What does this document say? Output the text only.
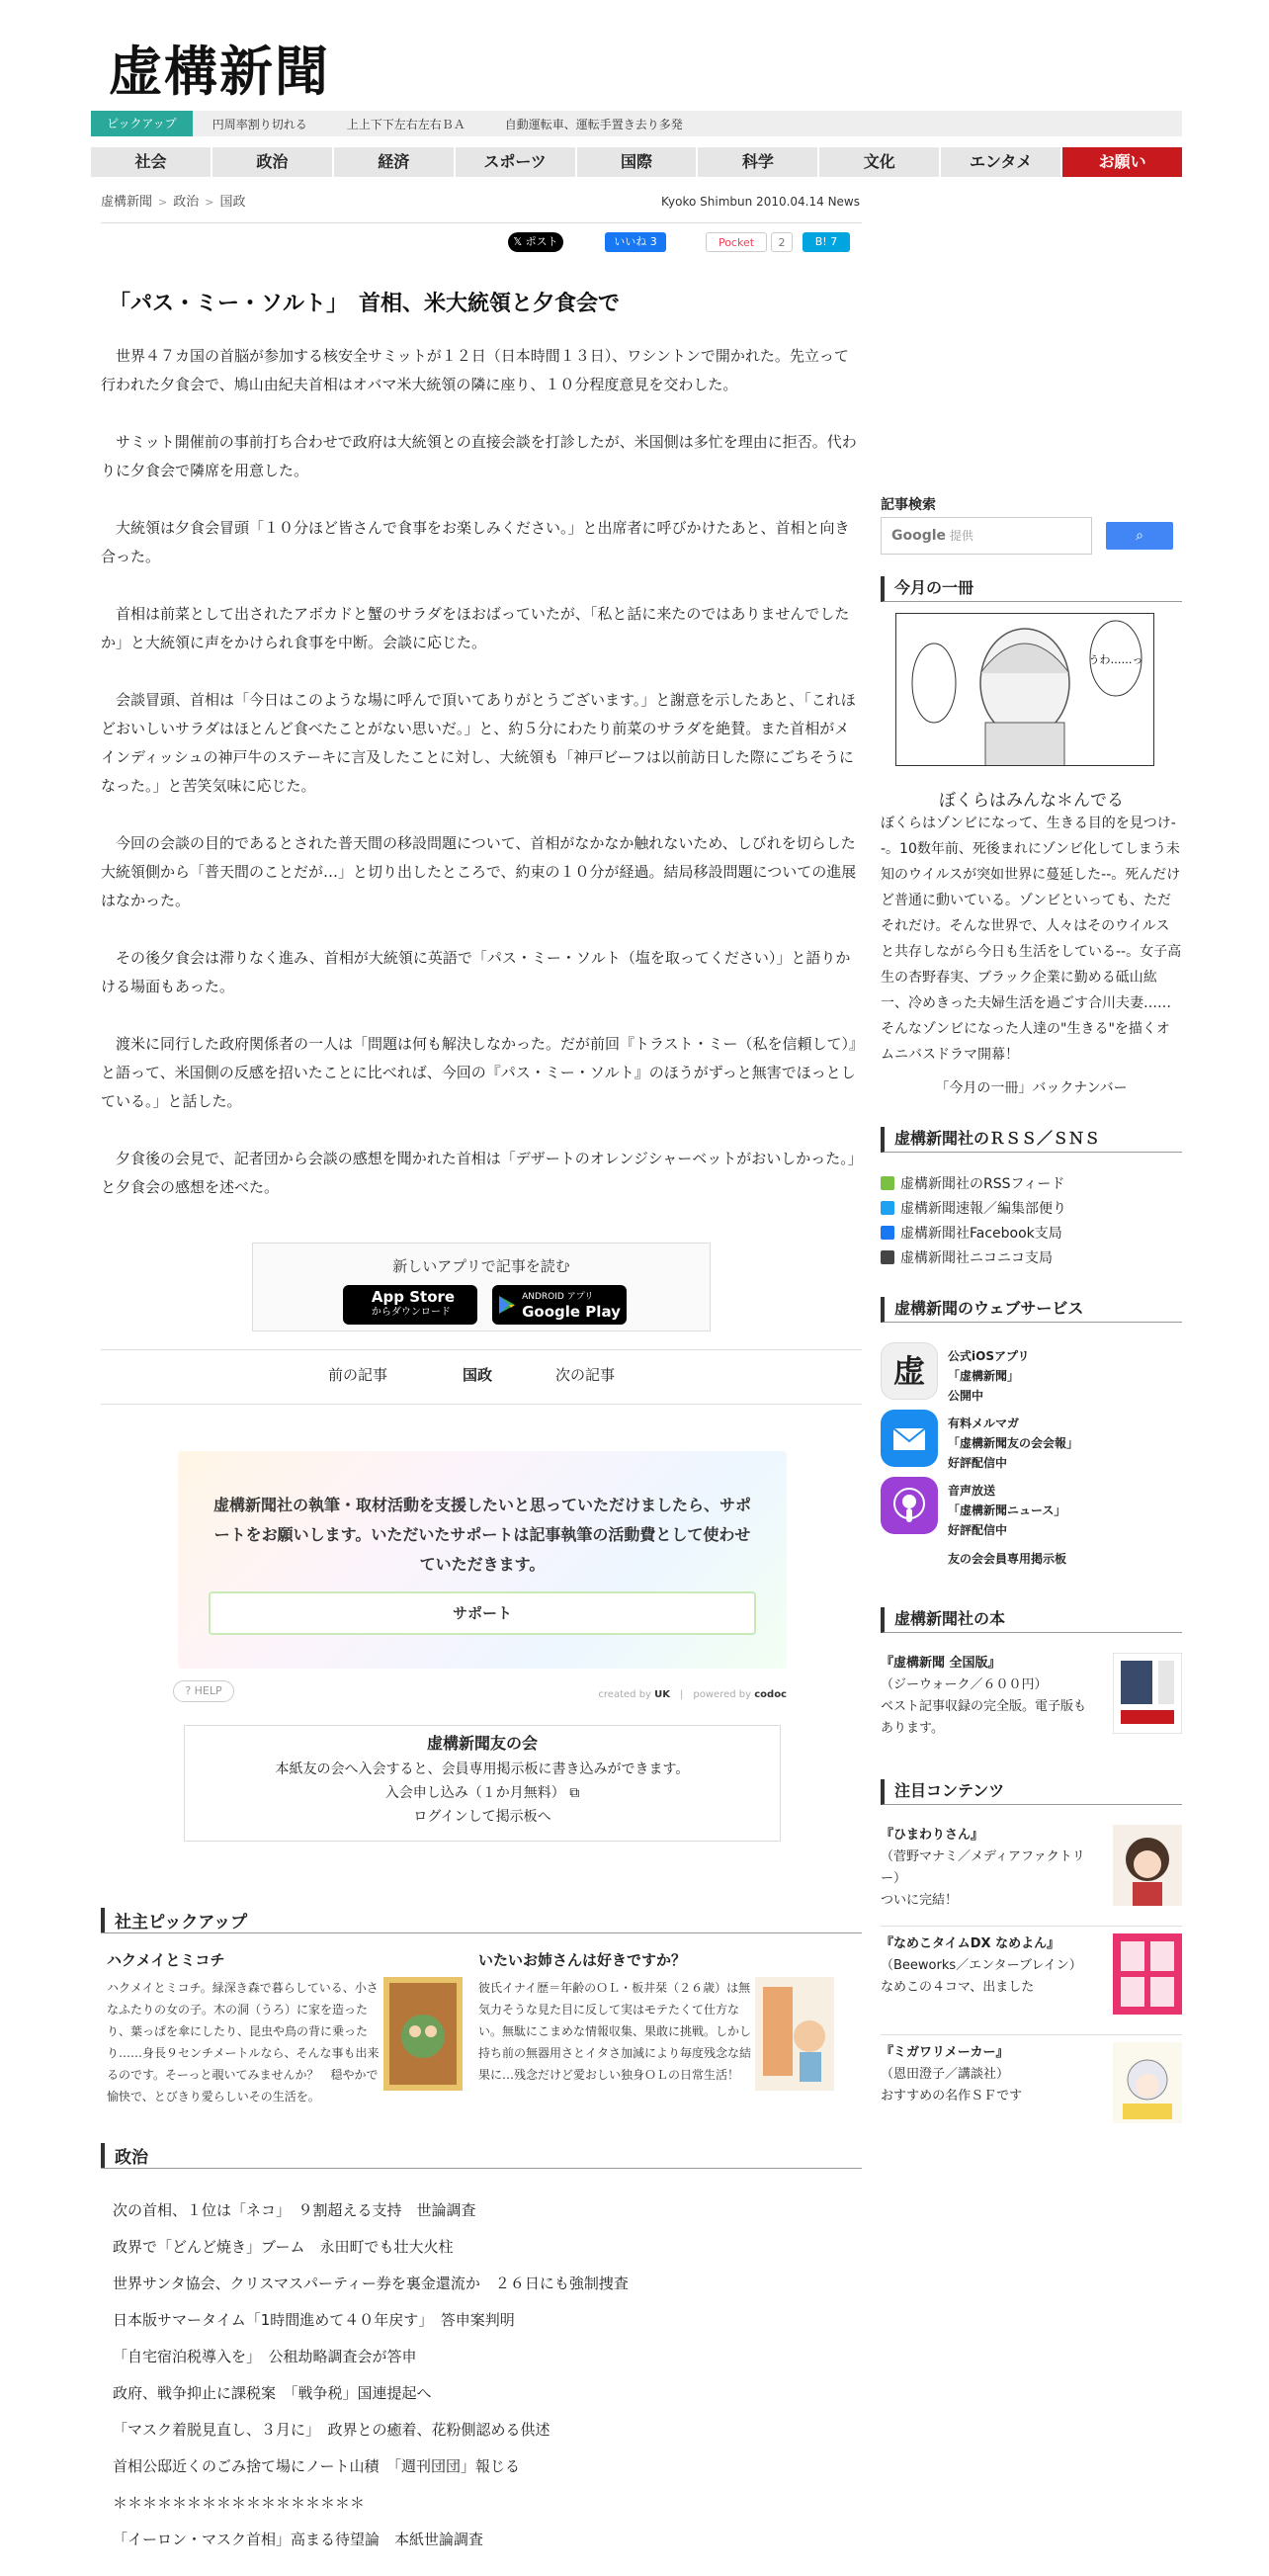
虚構新聞
ピックアップ	円周率割り切れる	上上下下左右左右ＢＡ	自動運転車、運転手置き去り多発
社会	政治	経済	スポーツ	国際	科学	文化	エンタメ	お願い
虚構新聞 > 政治 > 国政	Kyoko Shimbun 2010.04.14 News
𝕏 ポスト	いいね 3	Pocket	2	B! 7
「パス・ミー・ソルト」　首相、米大統領と夕食会で

　世界４７カ国の首脳が参加する核安全サミットが１２日（日本時間１３日）、ワシントンで開かれた。先立って行われた夕食会で、鳩山由紀夫首相はオバマ米大統領の隣に座り、１０分程度意見を交わした。

　サミット開催前の事前打ち合わせで政府は大統領との直接会談を打診したが、米国側は多忙を理由に拒否。代わりに夕食会で隣席を用意した。

　大統領は夕食会冒頭「１０分ほど皆さんで食事をお楽しみください。」と出席者に呼びかけたあと、首相と向き合った。

　首相は前菜として出されたアボカドと蟹のサラダをほおばっていたが、「私と話に来たのではありませんでしたか」と大統領に声をかけられ食事を中断。会談に応じた。

　会談冒頭、首相は「今日はこのような場に呼んで頂いてありがとうございます。」と謝意を示したあと、「これほどおいしいサラダはほとんど食べたことがない思いだ。」と、約５分にわたり前菜のサラダを絶賛。また首相がメインディッシュの神戸牛のステーキに言及したことに対し、大統領も「神戸ビーフは以前訪日した際にごちそうになった。」と苦笑気味に応じた。

　今回の会談の目的であるとされた普天間の移設問題について、首相がなかなか触れないため、しびれを切らした大統領側から「普天間のことだが…」と切り出したところで、約束の１０分が経過。結局移設問題についての進展はなかった。

　その後夕食会は滞りなく進み、首相が大統領に英語で「パス・ミー・ソルト（塩を取ってください）」と語りかける場面もあった。

　渡米に同行した政府関係者の一人は「問題は何も解決しなかった。だが前回『トラスト・ミー（私を信頼して）』と語って、米国側の反感を招いたことに比べれば、今回の『パス・ミー・ソルト』のほうがずっと無害でほっとしている。」と話した。

　夕食後の会見で、記者団から会談の感想を聞かれた首相は「デザートのオレンジシャーベットがおいしかった。」と夕食会の感想を述べた。

新しいアプリで記事を読む
App Store
からダウンロード
ANDROID アプリ
Google Play
前の記事	国政	次の記事
虚構新聞社の執筆・取材活動を支援したいと思っていただけましたら、サポートをお願いします。いただいたサポートは記事執筆の活動費として使わせていただきます。
サポート
? HELP	created by UK　|　powered by codoc
虚構新聞友の会
本紙友の会へ入会すると、会員専用掲示板に書き込みができます。
入会申し込み（１か月無料） ⧉
ログインして掲示板へ
社主ピックアップ
ハクメイとミコチ
ハクメイとミコチ。緑深き森で暮らしている、小さなふたりの女の子。木の洞（うろ）に家を造ったり、葉っぱを傘にしたり、昆虫や鳥の背に乗ったり……身長９センチメートルなら、そんな事も出来るのです。そーっと覗いてみませんか？　穏やかで愉快で、とびきり愛らしいその生活を。
いたいお姉さんは好きですか？
彼氏イナイ歴＝年齢のＯＬ・板井栞（２６歳）は無気力そうな見た目に反して実はモテたくて仕方ない。無駄にこまめな情報収集、果敢に挑戦。しかし持ち前の無器用さとイタさ加減により毎度残念な結果に…残念だけど愛おしい独身ＯＬの日常生活！
政治
次の首相、１位は「ネコ」　９割超える支持　世論調査
政界で「どんど焼き」ブーム　永田町でも壮大火柱
世界サンタ協会、クリスマスパーティー券を裏金還流か　２６日にも強制捜査
日本版サマータイム「1時間進めて４０年戻す」　答申案判明
「自宅宿泊税導入を」　公租劫略調査会が答申
政府、戦争抑止に課税案　「戦争税」国連提起へ
「マスク着脱見直し、３月に」　政界との癒着、花粉側認める供述
首相公邸近くのごみ捨て場にノート山積　「週刊団団」報じる
＊＊＊＊＊＊＊＊＊＊＊＊＊＊＊＊＊
「イーロン・マスク首相」高まる待望論　本紙世論調査
記事検索
Google 提供	⌕
今月の一冊
うわ……っ
ぼくらはみんな＊んでる
ぼくらはゾンビになって、生きる目的を見つけ--。10数年前、死後まれにゾンビ化してしまう未知のウイルスが突如世界に蔓延した--。死んだけど普通に動いている。ゾンビといっても、ただそれだけ。そんな世界で、人々はそのウイルスと共存しながら今日も生活をしている--。女子高生の杏野春実、ブラック企業に勤める砥山紘一、冷めきった夫婦生活を過ごす合川夫妻……そんなゾンビになった人達の"生きる"を描くオムニバスドラマ開幕！
「今月の一冊」バックナンバー
虚構新聞社のＲＳＳ／ＳＮＳ
虚構新聞社のRSSフィード
虚構新聞速報／編集部便り
虚構新聞社Facebook支局
虚構新聞社ニコニコ支局
虚構新聞のウェブサービス
虚	公式iOSアプリ
「虚構新聞」
公開中
有料メルマガ
「虚構新聞友の会会報」
好評配信中
音声放送
「虚構新聞ニュース」
好評配信中
友の会会員専用掲示板
虚構新聞社の本
『虚構新聞 全国版』
（ジーウォーク／６００円）
ベスト記事収録の完全版。電子版もあります。
注目コンテンツ
『ひまわりさん』
（菅野マナミ／メディアファクトリー）
ついに完結！
『なめこタイムDX なめよん』
（Beeworks／エンターブレイン）
なめこの４コマ、出ました
『ミガワリメーカー』
（恩田澄子／講談社）
おすすめの名作ＳＦです
